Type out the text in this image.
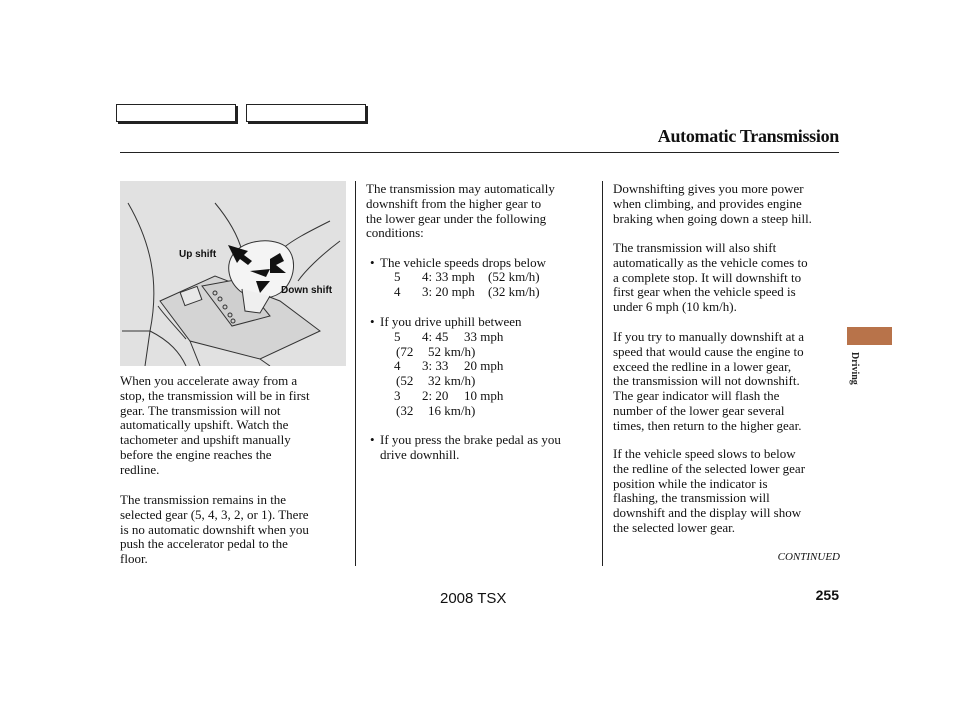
Automatic Transmission
Up shift
Down shift
When you accelerate away from a
stop, the transmission will be in first
gear. The transmission will not
automatically upshift. Watch the
tachometer and upshift manually
before the engine reaches the
redline.
The transmission remains in the
selected gear (5, 4, 3, 2, or 1). There
is no automatic downshift when you
push the accelerator pedal to the
floor.
The transmission may automatically
downshift from the higher gear to
the lower gear under the following
conditions:
• The vehicle speeds drops below
5 4: 33 mph (52 km/h)
4 3: 20 mph (32 km/h)
• If you drive uphill between
5 4: 45 33 mph
(72 52 km/h)
4 3: 33 20 mph
(52 32 km/h)
3 2: 20 10 mph
(32 16 km/h)
• If you press the brake pedal as you
drive downhill.
Downshifting gives you more power
when climbing, and provides engine
braking when going down a steep hill.
The transmission will also shift
automatically as the vehicle comes to
a complete stop. It will downshift to
first gear when the vehicle speed is
under 6 mph (10 km/h).
If you try to manually downshift at a
speed that would cause the engine to
exceed the redline in a lower gear,
the transmission will not downshift.
The gear indicator will flash the
number of the lower gear several
times, then return to the higher gear.
If the vehicle speed slows to below
the redline of the selected lower gear
position while the indicator is
flashing, the transmission will
downshift and the display will show
the selected lower gear.
Driving
CONTINUED
2008 TSX	255
